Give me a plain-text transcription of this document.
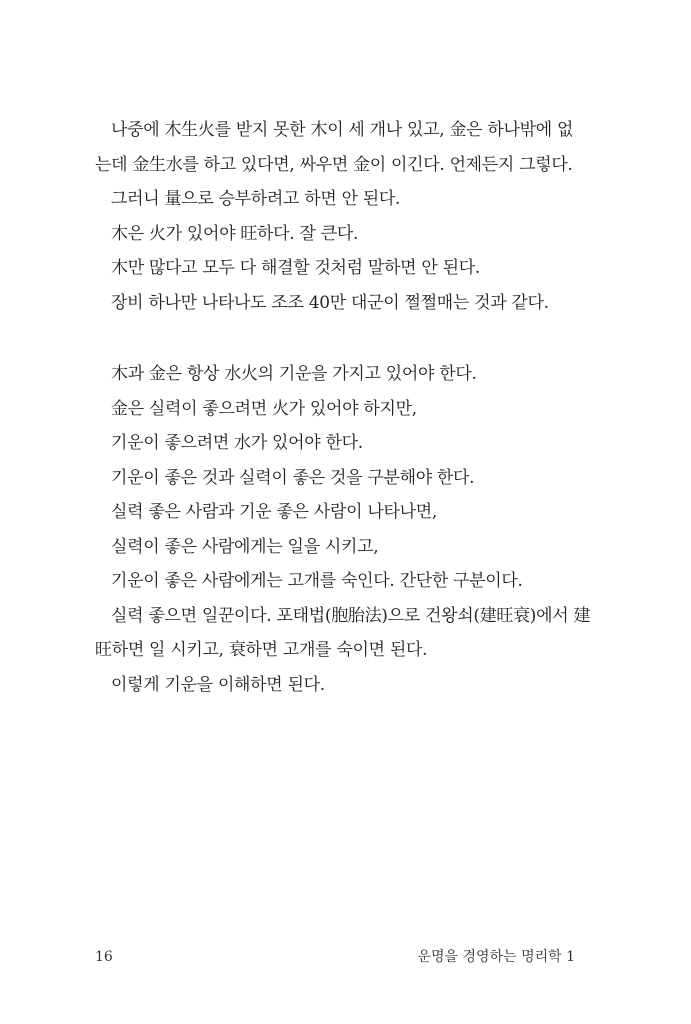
나중에 木生火를 받지 못한 木이 세 개나 있고, 金은 하나밖에 없
는데 金生水를 하고 있다면, 싸우면 金이 이긴다. 언제든지 그렇다.
그러니 量으로 승부하려고 하면 안 된다.
木은 火가 있어야 旺하다. 잘 큰다.
木만 많다고 모두 다 해결할 것처럼 말하면 안 된다.
장비 하나만 나타나도 조조 40만 대군이 쩔쩔매는 것과 같다.
木과 金은 항상 水火의 기운을 가지고 있어야 한다.
金은 실력이 좋으려면 火가 있어야 하지만,
기운이 좋으려면 水가 있어야 한다.
기운이 좋은 것과 실력이 좋은 것을 구분해야 한다.
실력 좋은 사람과 기운 좋은 사람이 나타나면,
실력이 좋은 사람에게는 일을 시키고,
기운이 좋은 사람에게는 고개를 숙인다. 간단한 구분이다.
실력 좋으면 일꾼이다. 포태법(胞胎法)으로 건왕쇠(建旺衰)에서 建
旺하면 일 시키고, 衰하면 고개를 숙이면 된다.
이렇게 기운을 이해하면 된다.
16	운명을 경영하는 명리학 1
